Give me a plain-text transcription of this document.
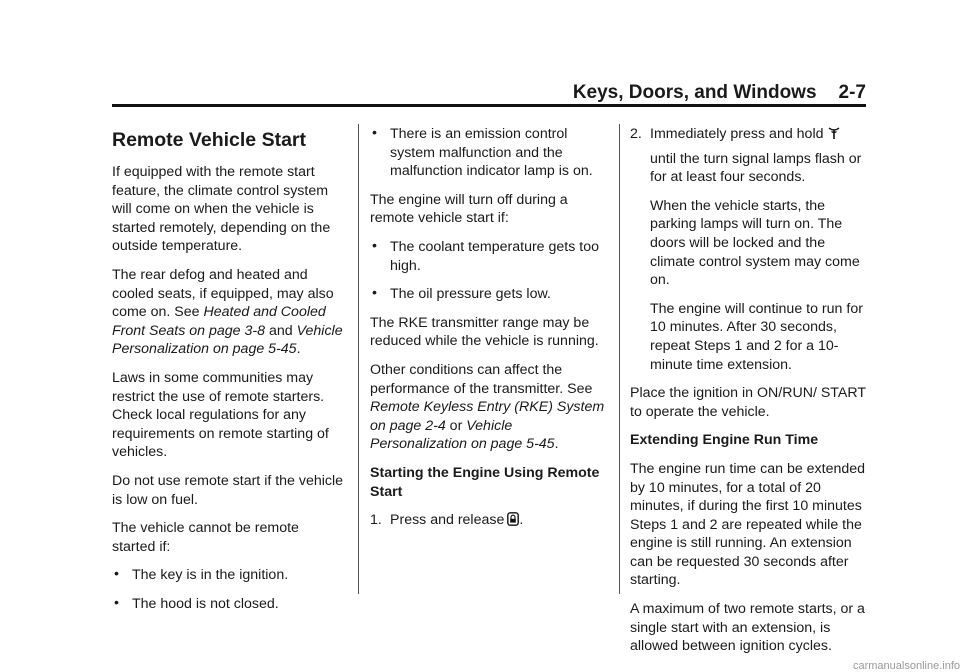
Keys, Doors, and Windows 2-7
Remote Vehicle Start

If equipped with the remote start feature, the climate control system will come on when the vehicle is started remotely, depending on the outside temperature.

The rear defog and heated and cooled seats, if equipped, may also come on. See Heated and Cooled Front Seats on page 3-8 and Vehicle Personalization on page 5-45.

Laws in some communities may restrict the use of remote starters. Check local regulations for any requirements on remote starting of vehicles.

Do not use remote start if the vehicle is low on fuel.

The vehicle cannot be remote started if:

• The key is in the ignition.
• The hood is not closed.
• There is an emission control system malfunction and the malfunction indicator lamp is on.

The engine will turn off during a remote vehicle start if:

• The coolant temperature gets too high.
• The oil pressure gets low.

The RKE transmitter range may be reduced while the vehicle is running.

Other conditions can affect the performance of the transmitter. See Remote Keyless Entry (RKE) System on page 2-4 or Vehicle Personalization on page 5-45.

Starting the Engine Using Remote Start

1. Press and release .
2. Immediately press and hold
until the turn signal lamps flash or for at least four seconds.

When the vehicle starts, the parking lamps will turn on. The doors will be locked and the climate control system may come on.

The engine will continue to run for 10 minutes. After 30 seconds, repeat Steps 1 and 2 for a 10-minute time extension.

Place the ignition in ON/RUN/ START to operate the vehicle.

Extending Engine Run Time

The engine run time can be extended by 10 minutes, for a total of 20 minutes, if during the first 10 minutes Steps 1 and 2 are repeated while the engine is still running. An extension can be requested 30 seconds after starting.

A maximum of two remote starts, or a single start with an extension, is allowed between ignition cycles.

carmanualsonline.info
